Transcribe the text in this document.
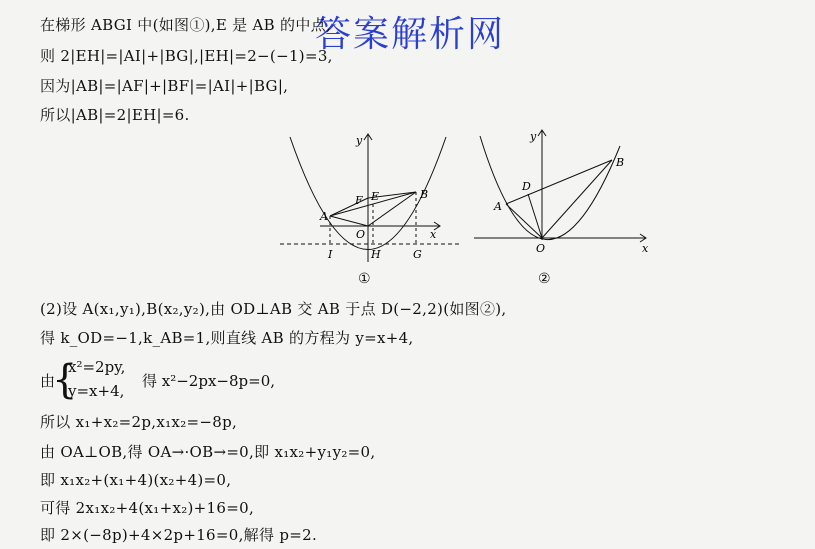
答案解析网
在梯形 ABGI 中(如图①),E 是 AB 的中点,
则 2|EH|=|AI|+|BG|,|EH|=2−(−1)=3,
因为|AB|=|AF|+|BF|=|AI|+|BG|,
所以|AB|=2|EH|=6.
y
x
A
B
E
F
O
I	H	G
①
y
x
A
B
D
O
②
(2)设 A(x₁,y₁),B(x₂,y₂),由 OD⊥AB 交 AB 于点 D(−2,2)(如图②),
得 k_OD=−1,k_AB=1,则直线 AB 的方程为 y=x+4,
由
{
x²=2py,
y=x+4,
得 x²−2px−8p=0,
所以 x₁+x₂=2p,x₁x₂=−8p,
由 OA⊥OB,得 OA→·OB→=0,即 x₁x₂+y₁y₂=0,
即 x₁x₂+(x₁+4)(x₂+4)=0,
可得 2x₁x₂+4(x₁+x₂)+16=0,
即 2×(−8p)+4×2p+16=0,解得 p=2.
